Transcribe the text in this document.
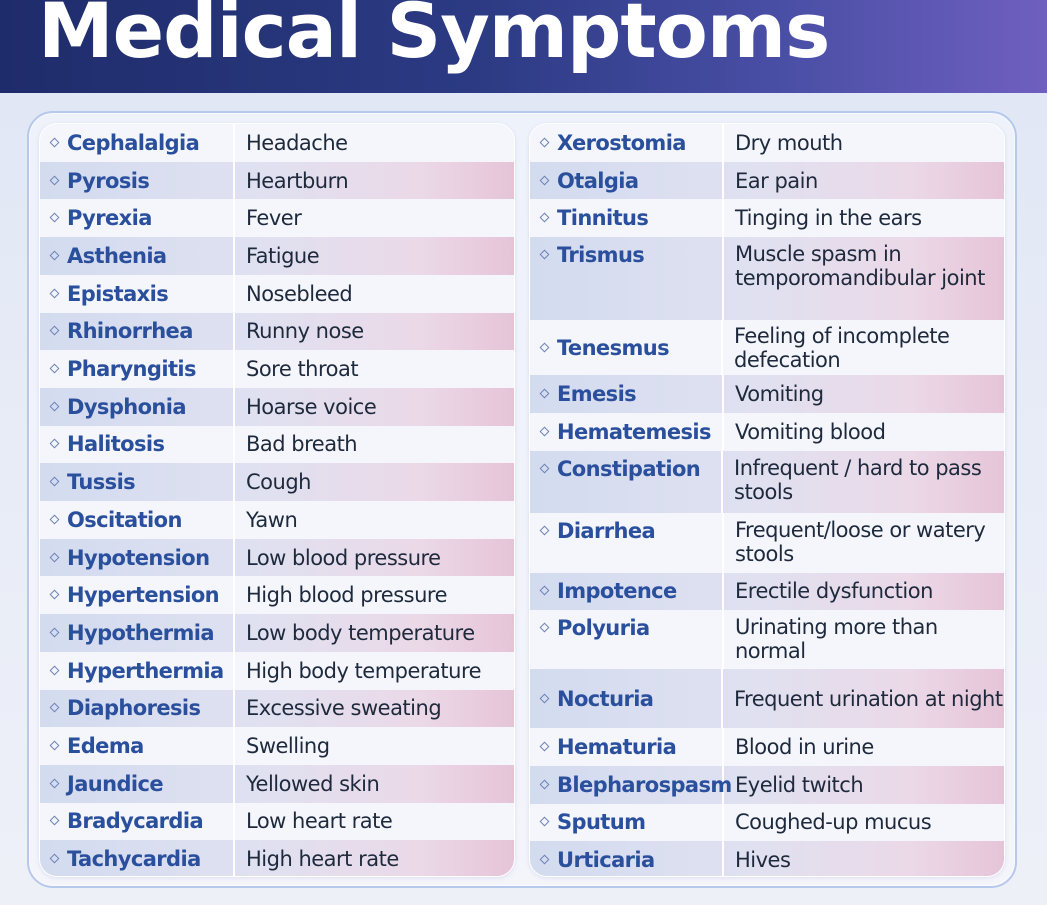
Medical Symptoms
Cephalalgia Headache
Pyrosis	Heartburn
Pyrexia	Fever
Asthenia	Fatigue
Epistaxis	Nosebleed
Rhinorrhea	Runny nose
Pharyngitis Sore throat
Dysphonia	Hoarse voice
Halitosis	Bad breath
Tussis	Cough
Oscitation	Yawn
Hypotension Low blood pressure
Hypertension High blood pressure
Hypothermia Low body temperature
Hyperthermia High body temperature
Diaphoresis Excessive sweating
Edema	Swelling
Jaundice	Yellowed skin
Bradycardia Low heart rate
Tachycardia High heart rate
Xerostomia Dry mouth
Otalgia	Ear pain
Tinnitus	Tinging in the ears
Trismus	Muscle spasm in temporomandibular joint
Tenesmus	Feeling of incomplete defecation
Emesis	Vomiting
Hematemesis Vomiting blood
Constipation Infrequent / hard to pass stools
Diarrhea	Frequent/loose or watery stools
Impotence	Erectile dysfunction
Polyuria	Urinating more than normal
Nocturia	Frequent urination at night
Hematuria	Blood in urine
Blepharospasm Eyelid twitch
Sputum	Coughed-up mucus
Urticaria	Hives
